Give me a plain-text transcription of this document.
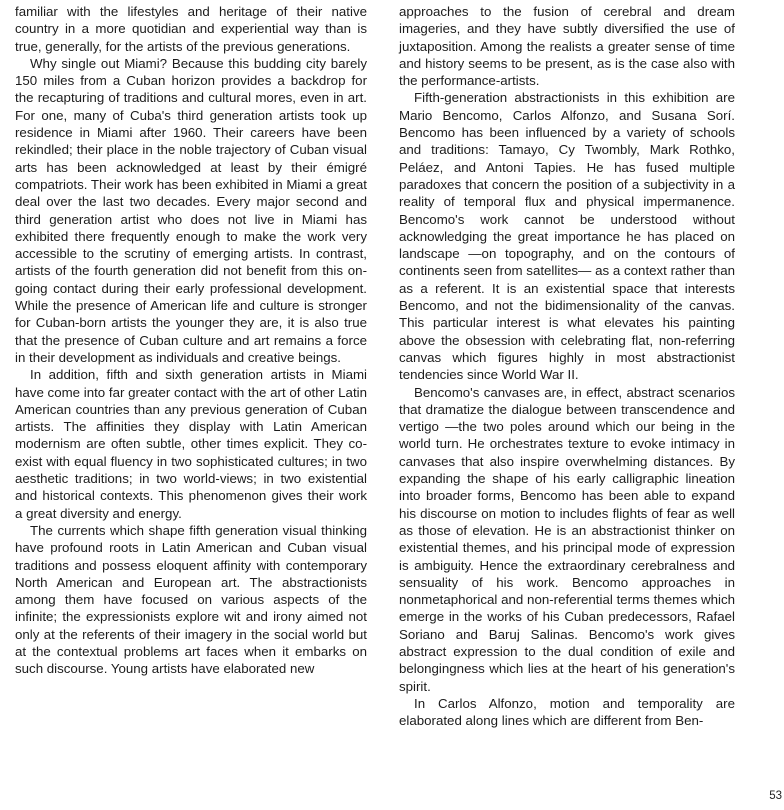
familiar with the lifestyles and heritage of their native country in a more quotidian and experiential way than is true, generally, for the artists of the previous generations.

Why single out Miami? Because this budding city barely 150 miles from a Cuban horizon provides a backdrop for the recapturing of traditions and cultural mores, even in art. For one, many of Cuba's third generation artists took up residence in Miami after 1960. Their careers have been rekindled; their place in the noble trajectory of Cuban visual arts has been acknowledged at least by their émigré compatriots. Their work has been exhibited in Miami a great deal over the last two decades. Every major second and third generation artist who does not live in Miami has exhibited there frequently enough to make the work very accessible to the scrutiny of emerging artists. In contrast, artists of the fourth generation did not benefit from this on-going contact during their early professional development. While the presence of American life and culture is stronger for Cuban-born artists the younger they are, it is also true that the presence of Cuban culture and art remains a force in their development as individuals and creative beings.

In addition, fifth and sixth generation artists in Miami have come into far greater contact with the art of other Latin American countries than any previous generation of Cuban artists. The affinities they display with Latin American modernism are often subtle, other times explicit. They co-exist with equal fluency in two sophisticated cultures; in two aesthetic traditions; in two world-views; in two existential and historical contexts. This phenomenon gives their work a great diversity and energy.

The currents which shape fifth generation visual thinking have profound roots in Latin American and Cuban visual traditions and possess eloquent affinity with contemporary North American and European art. The abstractionists among them have focused on various aspects of the infinite; the expressionists explore wit and irony aimed not only at the referents of their imagery in the social world but at the contextual problems art faces when it embarks on such discourse. Young artists have elaborated new

approaches to the fusion of cerebral and dream imageries, and they have subtly diversified the use of juxtaposition. Among the realists a greater sense of time and history seems to be present, as is the case also with the performance-artists.

Fifth-generation abstractionists in this exhibition are Mario Bencomo, Carlos Alfonzo, and Susana Sorí. Bencomo has been influenced by a variety of schools and traditions: Tamayo, Cy Twombly, Mark Rothko, Peláez, and Antoni Tapies. He has fused multiple paradoxes that concern the position of a subjectivity in a reality of temporal flux and physical impermanence. Bencomo's work cannot be understood without acknowledging the great importance he has placed on landscape —on topography, and on the contours of continents seen from satellites— as a context rather than as a referent. It is an existential space that interests Bencomo, and not the bidimensionality of the canvas. This particular interest is what elevates his painting above the obsession with celebrating flat, non-referring canvas which figures highly in most abstractionist tendencies since World War II.

Bencomo's canvases are, in effect, abstract scenarios that dramatize the dialogue between transcendence and vertigo —the two poles around which our being in the world turn. He orchestrates texture to evoke intimacy in canvases that also inspire overwhelming distances. By expanding the shape of his early calligraphic lineation into broader forms, Bencomo has been able to expand his discourse on motion to includes flights of fear as well as those of elevation. He is an abstractionist thinker on existential themes, and his principal mode of expression is ambiguity. Hence the extraordinary cerebralness and sensuality of his work. Bencomo approaches in nonmetaphorical and non-referential terms themes which emerge in the works of his Cuban predecessors, Rafael Soriano and Baruj Salinas. Bencomo's work gives abstract expression to the dual condition of exile and belongingness which lies at the heart of his generation's spirit.

In Carlos Alfonzo, motion and temporality are elaborated along lines which are different from Ben-

53
